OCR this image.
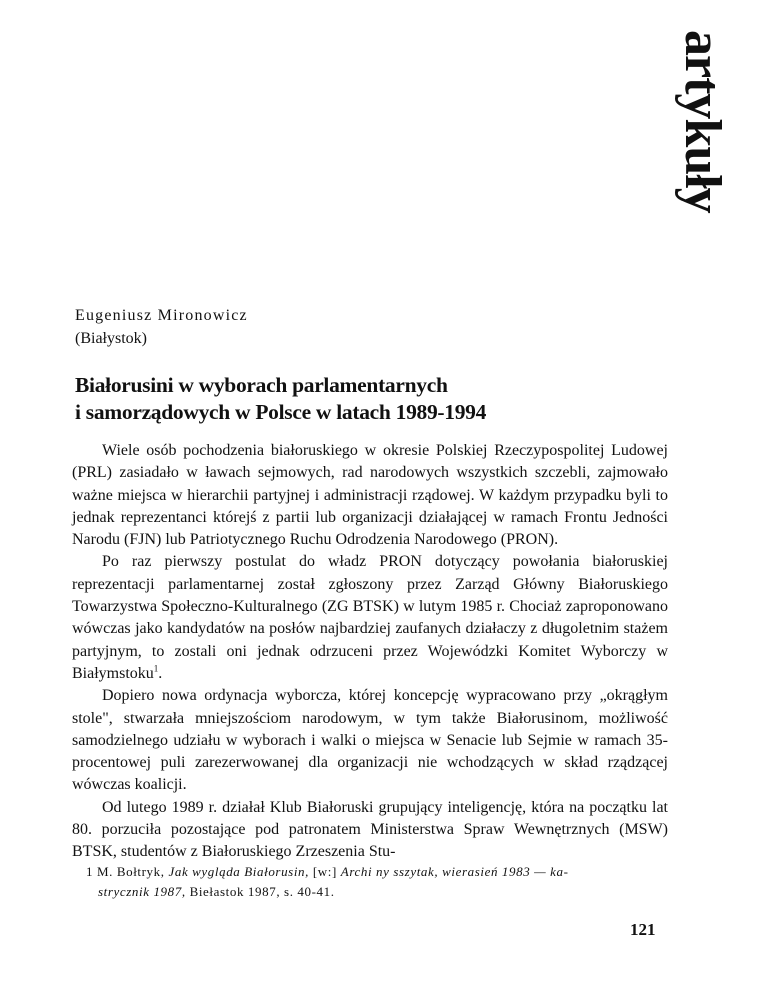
artykuły
Eugeniusz Mironowicz
(Białystok)
Białorusini w wyborach parlamentarnych
i samorządowych w Polsce w latach 1989-1994

Wiele osób pochodzenia białoruskiego w okresie Polskiej Rzeczypospolitej Ludowej (PRL) zasiadało w ławach sejmowych, rad narodowych wszystkich szczebli, zajmowało ważne miejsca w hierarchii partyjnej i administracji rządowej. W każdym przypadku byli to jednak reprezentanci którejś z partii lub organizacji działającej w ramach Frontu Jedności Narodu (FJN) lub Patriotycznego Ruchu Odrodzenia Narodowego (PRON).

Po raz pierwszy postulat do władz PRON dotyczący powołania białoruskiej reprezentacji parlamentarnej został zgłoszony przez Zarząd Główny Białoruskiego Towarzystwa Społeczno-Kulturalnego (ZG BTSK) w lutym 1985 r. Chociaż zaproponowano wówczas jako kandydatów na posłów najbardziej zaufanych działaczy z długoletnim stażem partyjnym, to zostali oni jednak odrzuceni przez Wojewódzki Komitet Wyborczy w Białymstoku$^1$.

Dopiero nowa ordynacja wyborcza, której koncepcję wypracowano przy „okrągłym stole", stwarzała mniejszościom narodowym, w tym także Białorusinom, możliwość samodzielnego udziału w wyborach i walki o miejsca w Senacie lub Sejmie w ramach 35-procentowej puli zarezerwowanej dla organizacji nie wchodzących w skład rządzącej wówczas koalicji.

Od lutego 1989 r. działał Klub Białoruski grupujący inteligencję, która na początku lat 80. porzuciła pozostające pod patronatem Ministerstwa Spraw Wewnętrznych (MSW) BTSK, studentów z Białoruskiego Zrzeszenia Stu-

1 M. Bołtryk, Jak wygląda Białorusin, [w:] Archi ny sszytak, wierasień 1983 — ka-
strycznik 1987, Biełastok 1987, s. 40-41.
121
